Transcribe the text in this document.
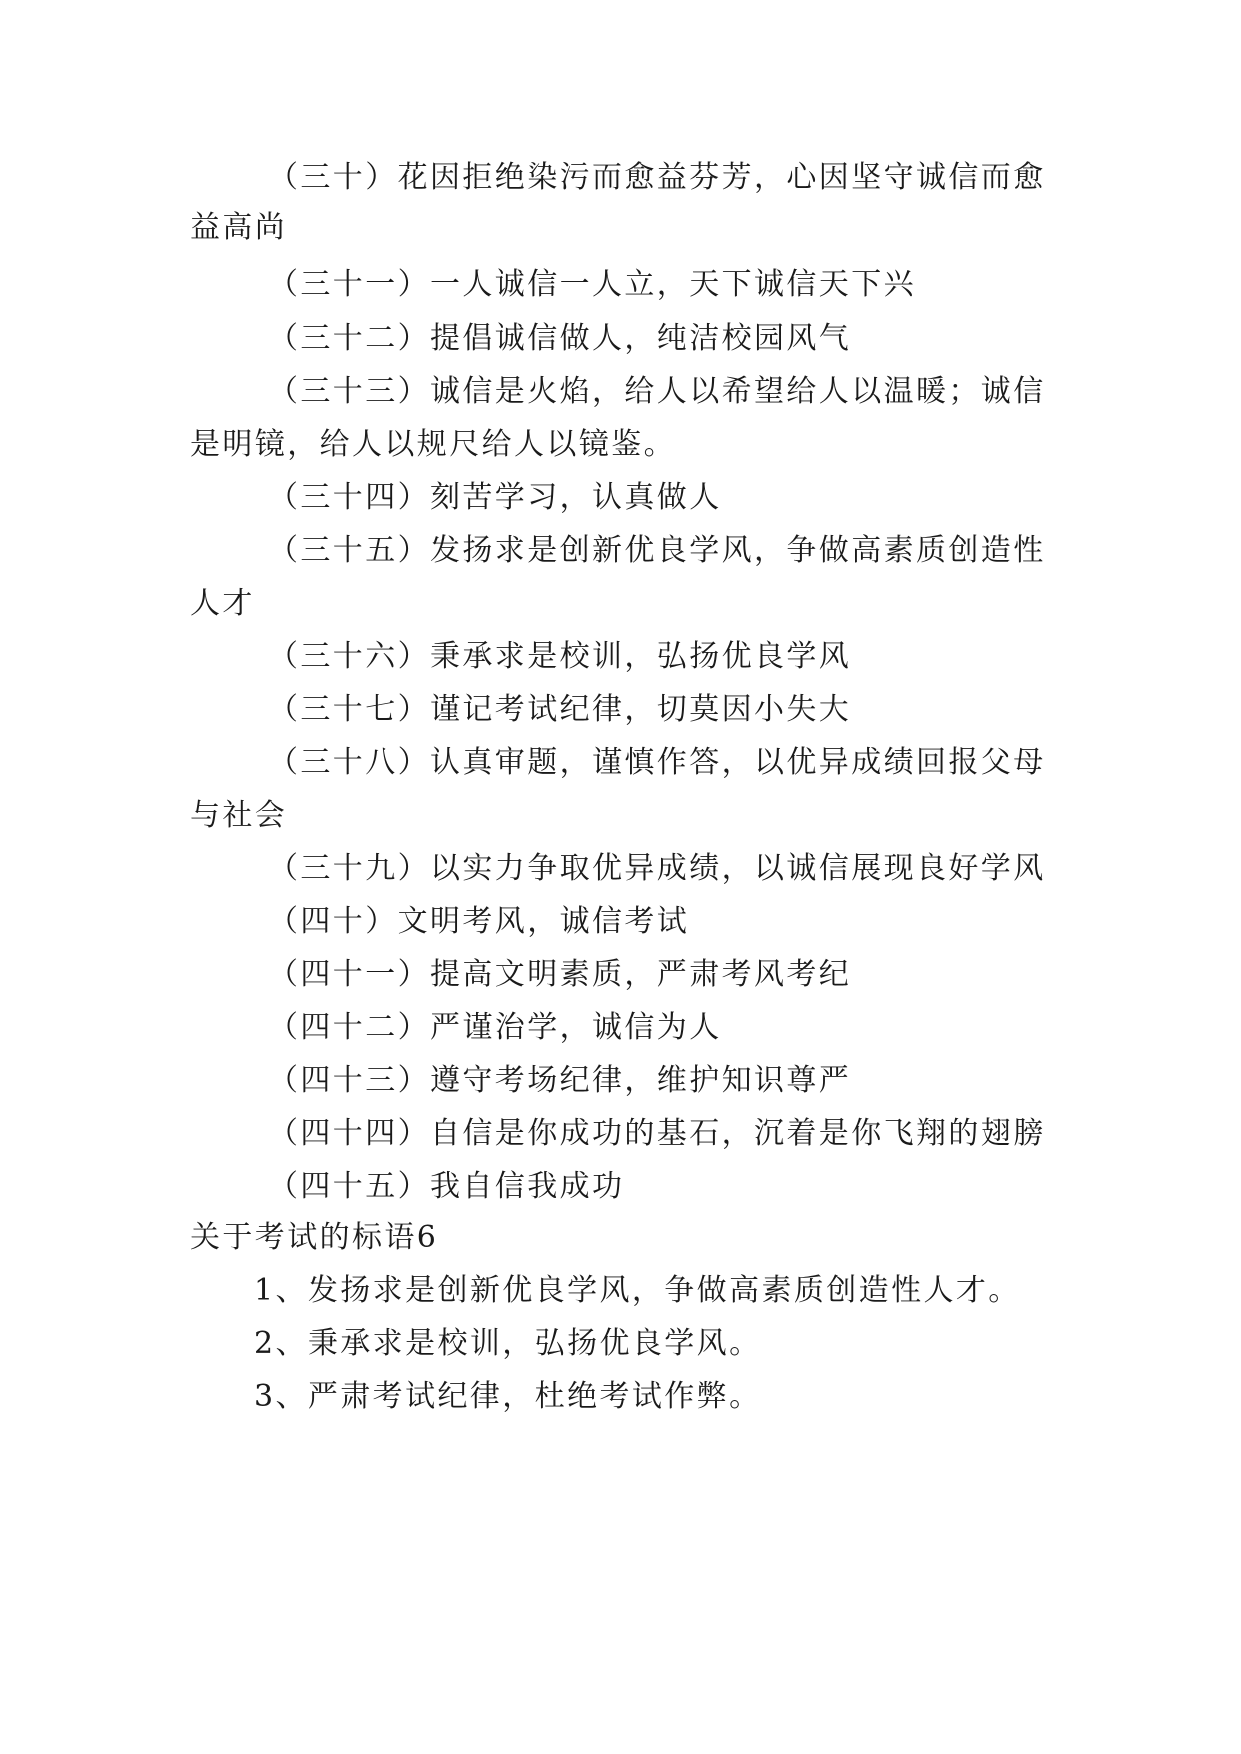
（三十）花因拒绝染污而愈益芬芳，心因坚守诚信而愈
益高尚
（三十一）一人诚信一人立，天下诚信天下兴
（三十二）提倡诚信做人，纯洁校园风气
（三十三）诚信是火焰，给人以希望给人以温暖；诚信
是明镜，给人以规尺给人以镜鉴。
（三十四）刻苦学习，认真做人
（三十五）发扬求是创新优良学风，争做高素质创造性
人才
（三十六）秉承求是校训，弘扬优良学风
（三十七）谨记考试纪律，切莫因小失大
（三十八）认真审题，谨慎作答，以优异成绩回报父母
与社会
（三十九）以实力争取优异成绩，以诚信展现良好学风
（四十）文明考风，诚信考试
（四十一）提高文明素质，严肃考风考纪
（四十二）严谨治学，诚信为人
（四十三）遵守考场纪律，维护知识尊严
（四十四）自信是你成功的基石，沉着是你飞翔的翅膀
（四十五）我自信我成功
关于考试的标语6
1、发扬求是创新优良学风，争做高素质创造性人才。
2、秉承求是校训，弘扬优良学风。
3、严肃考试纪律，杜绝考试作弊。
